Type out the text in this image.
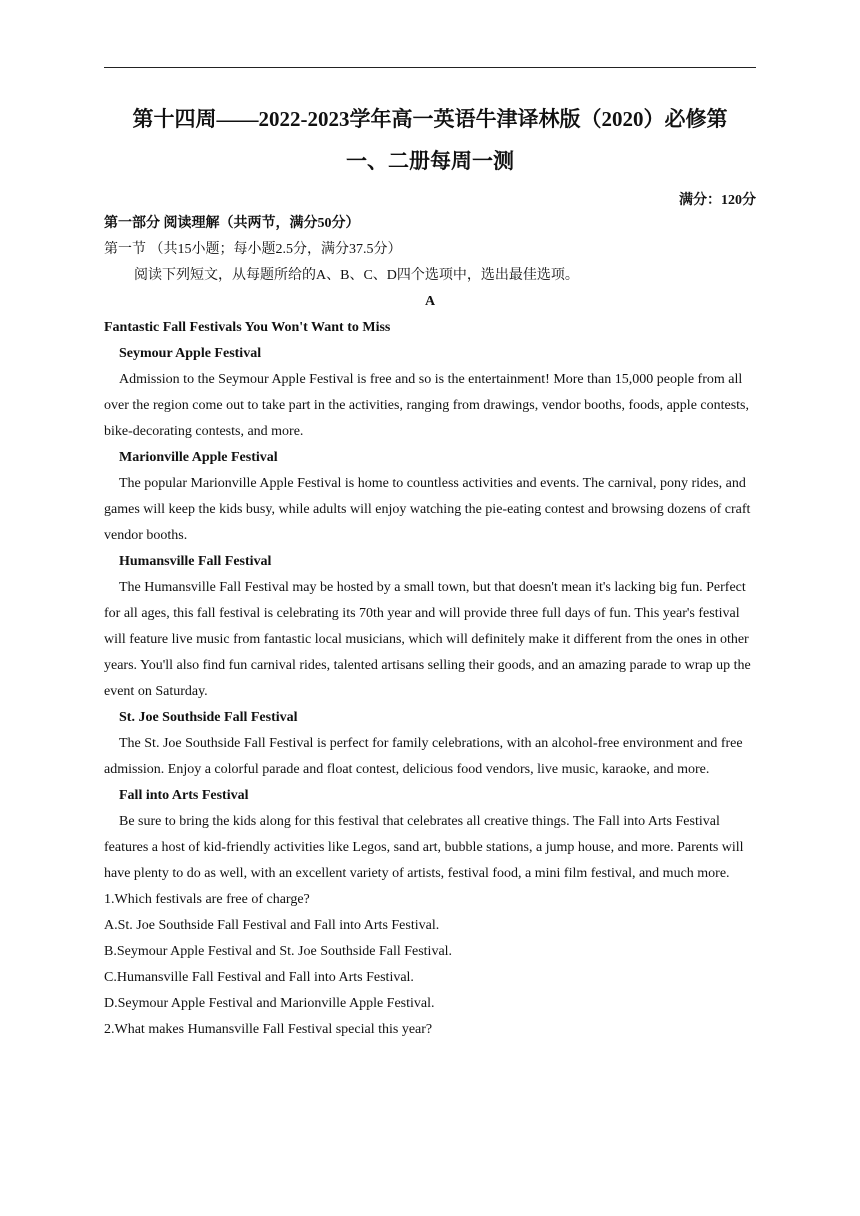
第十四周——2022-2023学年高一英语牛津译林版（2020）必修第
一、二册每周一测
满分：120分

第一部分 阅读理解（共两节，满分50分）

第一节 （共15小题；每小题2.5分，满分37.5分）

阅读下列短文，从每题所给的A、B、C、D四个选项中，选出最佳选项。

A

Fantastic Fall Festivals You Won't Want to Miss

Seymour Apple Festival

Admission to the Seymour Apple Festival is free and so is the entertainment! More than 15,000 people from all over the region come out to take part in the activities, ranging from drawings, vendor booths, foods, apple contests, bike-decorating contests, and more.

Marionville Apple Festival

The popular Marionville Apple Festival is home to countless activities and events. The carnival, pony rides, and games will keep the kids busy, while adults will enjoy watching the pie-eating contest and browsing dozens of craft vendor booths.

Humansville Fall Festival

The Humansville Fall Festival may be hosted by a small town, but that doesn't mean it's lacking big fun. Perfect for all ages, this fall festival is celebrating its 70th year and will provide three full days of fun. This year's festival will feature live music from fantastic local musicians, which will definitely make it different from the ones in other years. You'll also find fun carnival rides, talented artisans selling their goods, and an amazing parade to wrap up the event on Saturday.

St. Joe Southside Fall Festival

The St. Joe Southside Fall Festival is perfect for family celebrations, with an alcohol-free environment and free admission. Enjoy a colorful parade and float contest, delicious food vendors, live music, karaoke, and more.

Fall into Arts Festival

Be sure to bring the kids along for this festival that celebrates all creative things. The Fall into Arts Festival features a host of kid-friendly activities like Legos, sand art, bubble stations, a jump house, and more. Parents will have plenty to do as well, with an excellent variety of artists, festival food, a mini film festival, and much more.

1.Which festivals are free of charge?

A.St. Joe Southside Fall Festival and Fall into Arts Festival.

B.Seymour Apple Festival and St. Joe Southside Fall Festival.

C.Humansville Fall Festival and Fall into Arts Festival.

D.Seymour Apple Festival and Marionville Apple Festival.

2.What makes Humansville Fall Festival special this year?
